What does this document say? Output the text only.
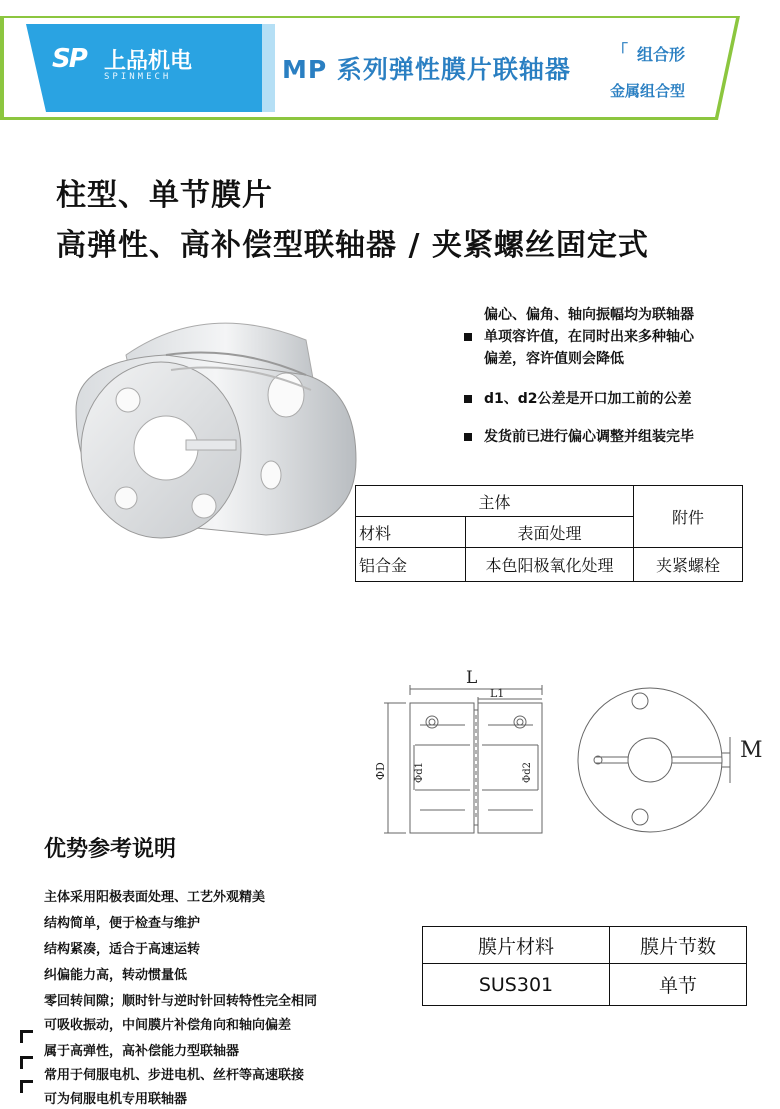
SP 上品机电
SPINMECH	MP 系列弹性膜片联轴器
「 组合形
金属组合型
柱型、单节膜片
高弹性、高补偿型联轴器 / 夹紧螺丝固定式
偏心、偏角、轴向振幅均为联轴器
单项容许值，在同时出来多种轴心
偏差，容许值则会降低
d1、d2公差是开口加工前的公差
发货前已进行偏心调整并组装完毕
主体		附件
材料	表面处理	
铝合金	本色阳极氧化处理	夹紧螺栓
L
L1
ΦD	Φd1	Φd2
M
优势参考说明
主体采用阳极表面处理、工艺外观精美
结构简单，便于检查与维护
结构紧凑，适合于高速运转
纠偏能力高，转动惯量低
零回转间隙；顺时针与逆时针回转特性完全相同
可吸收振动，中间膜片补偿角向和轴向偏差
属于高弹性，高补偿能力型联轴器
常用于伺服电机、步进电机、丝杆等高速联接
可为伺服电机专用联轴器
膜片材料	膜片节数
SUS301	单节
